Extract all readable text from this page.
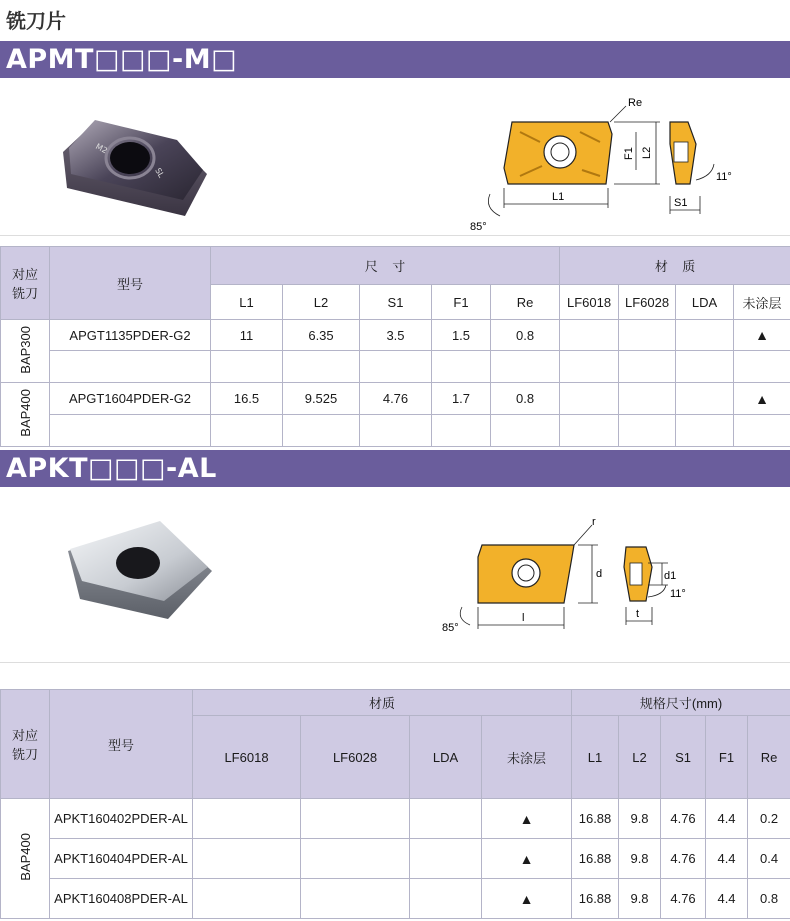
铣刀片
APMT□□□-M□
M2
SL
L1
L2
F1
Re
85°
S1
11°
对应
铣刀	型号	尺    寸					材    质			
		L1	L2	S1	F1	Re	LF6018	LF6028	LDA	未涂层
BAP300	APGT1135PDER-G2	11	6.35	3.5	1.5	0.8				▲

BAP400	APGT1604PDER-G2	16.5	9.525	4.76	1.7	0.8				▲

APKT□□□-AL
l
d
r
85°
d1
t
11°
对应
铣刀	型号	材质				规格尺寸(mm)				
		LF6018	LF6028	LDA	未涂层	L1	L2	S1	F1	Re
BAP400	APKT160402PDER-AL				▲	16.88	9.8	4.76	4.4	0.2
	APKT160404PDER-AL				▲	16.88	9.8	4.76	4.4	0.4
	APKT160408PDER-AL				▲	16.88	9.8	4.76	4.4	0.8
